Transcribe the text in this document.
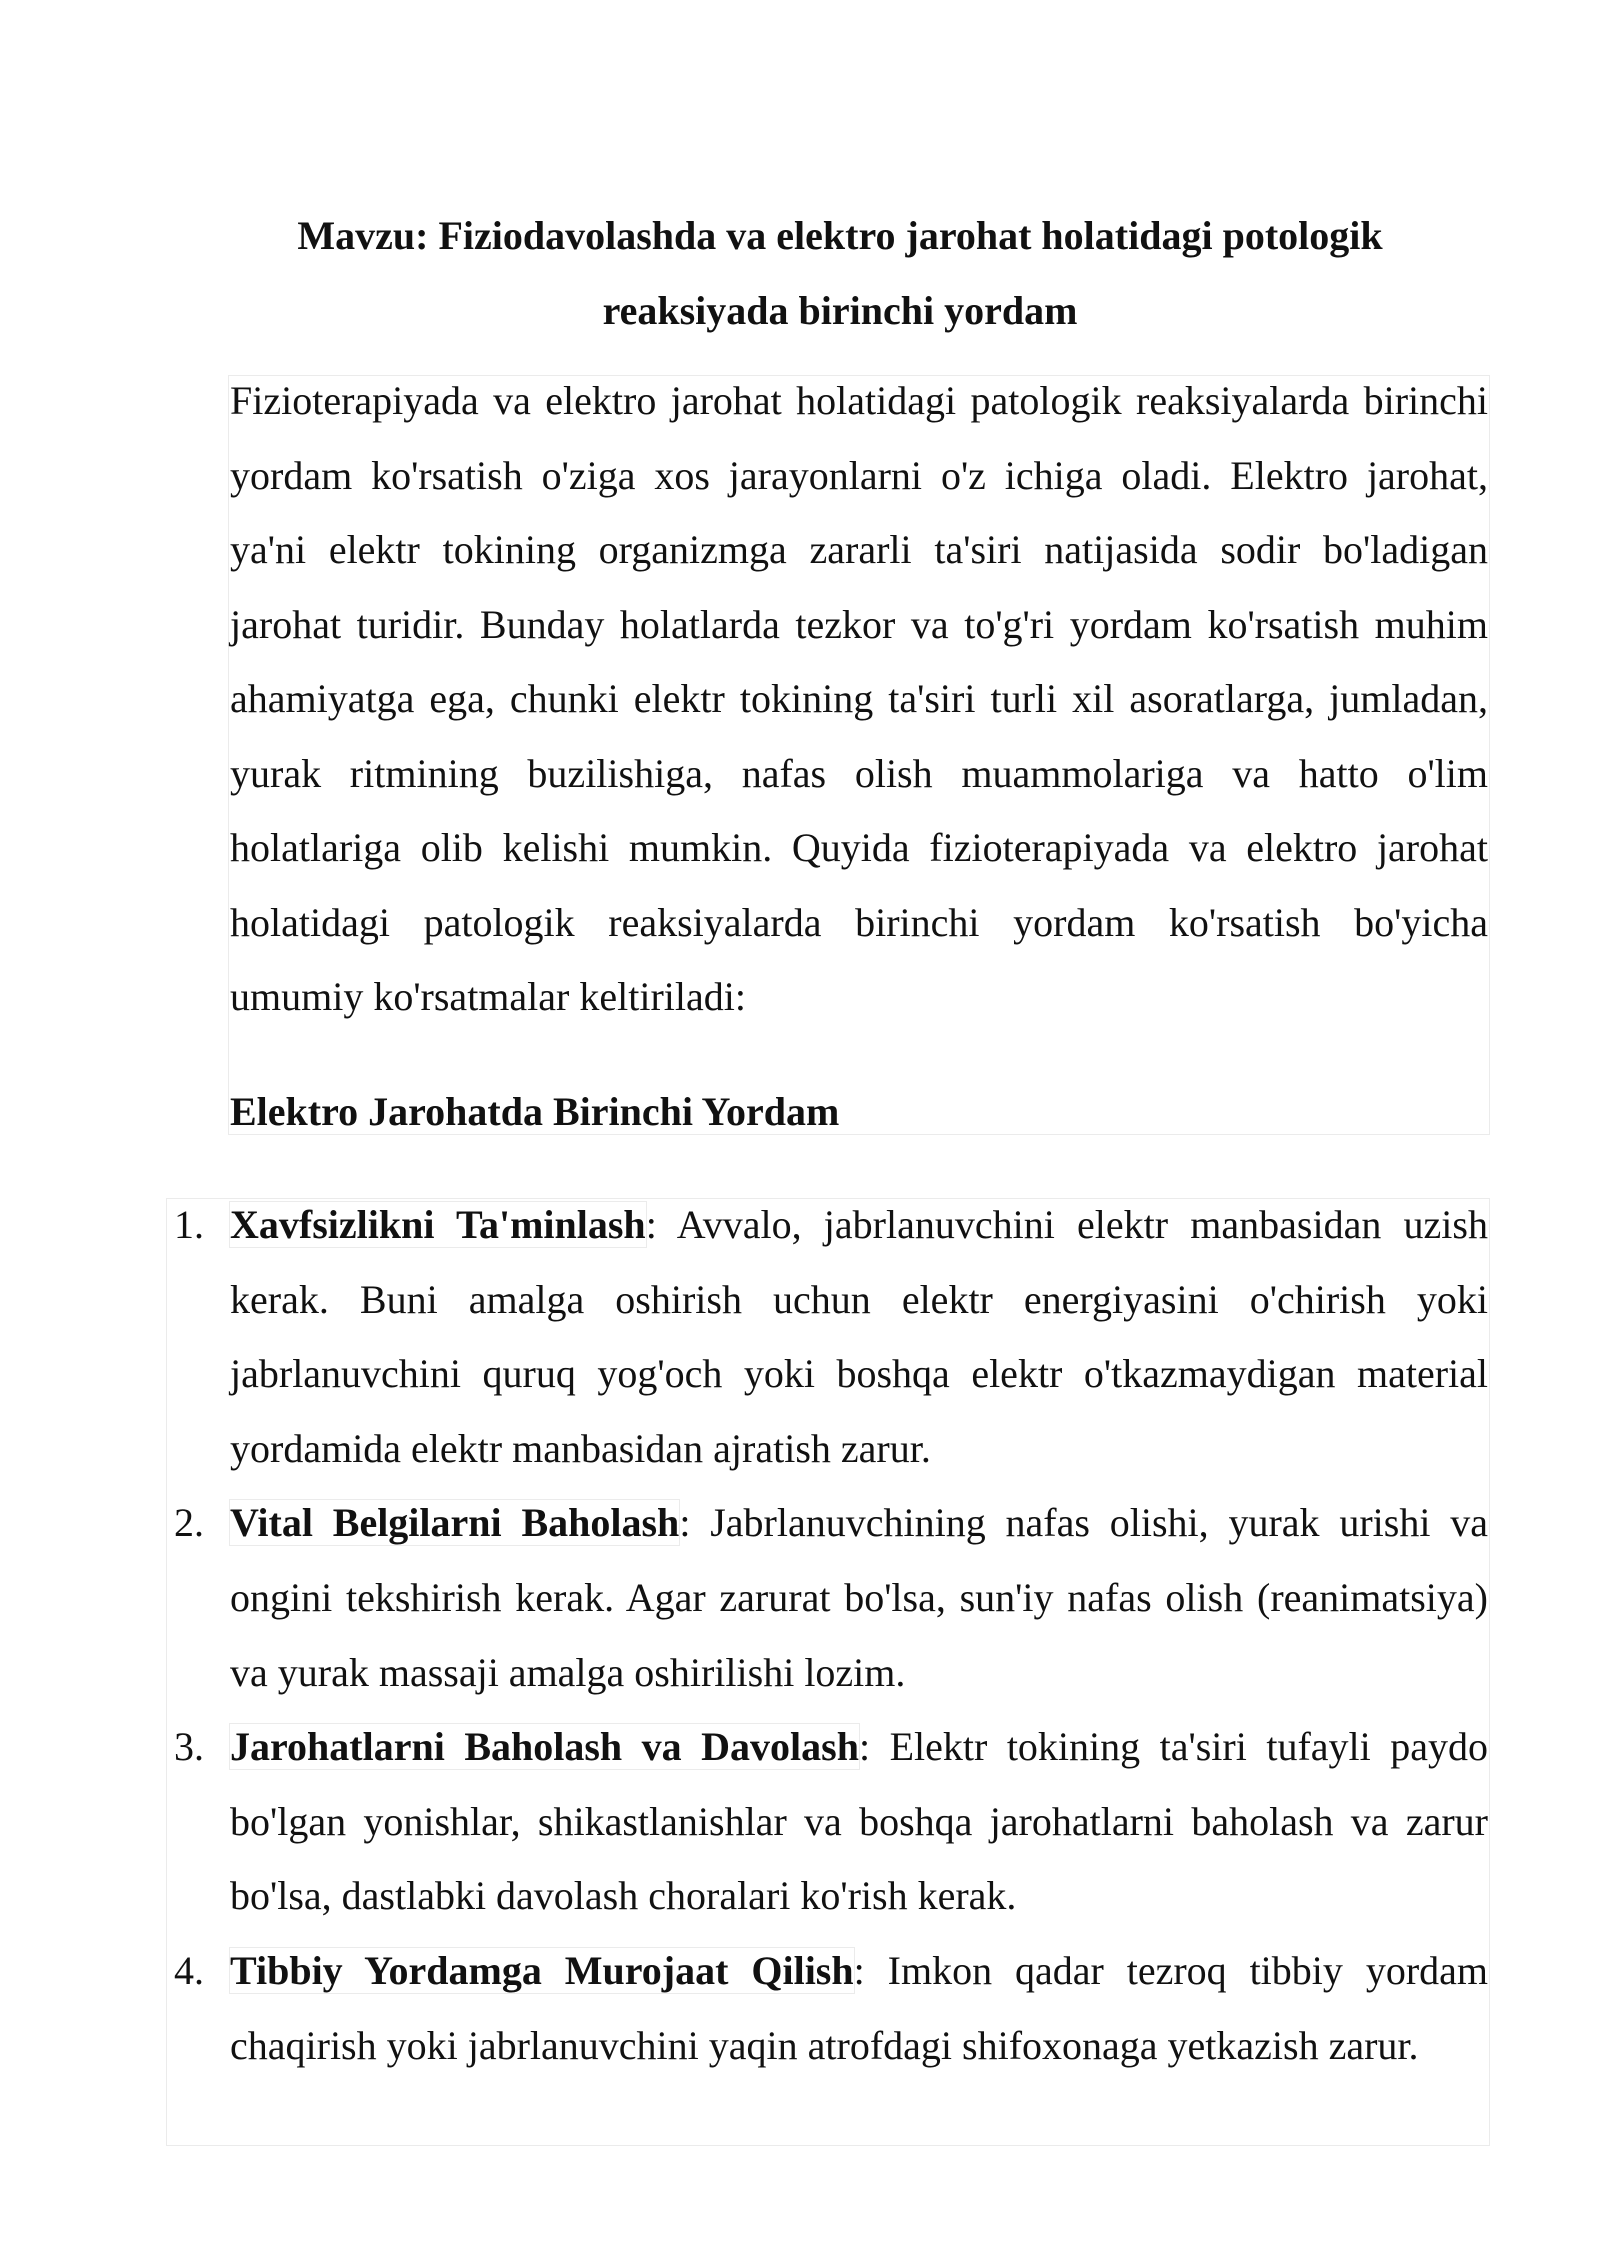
Mavzu: Fiziodavolashda va elektro jarohat holatidagi potologik reaksiyada birinchi yordam

Fizioterapiyada va elektro jarohat holatidagi patologik reaksiyalarda birinchi yordam ko'rsatish o'ziga xos jarayonlarni o'z ichiga oladi. Elektro jarohat, ya'ni elektr tokining organizmga zararli ta'siri natijasida sodir bo'ladigan jarohat turidir. Bunday holatlarda tezkor va to'g'ri yordam ko'rsatish muhim ahamiyatga ega, chunki elektr tokining ta'siri turli xil asoratlarga, jumladan, yurak ritmining buzilishiga, nafas olish muammolariga va hatto o'lim holatlariga olib kelishi mumkin. Quyida fizioterapiyada va elektro jarohat holatidagi patologik reaksiyalarda birinchi yordam ko'rsatish bo'yicha umumiy ko'rsatmalar keltiriladi:

Elektro Jarohatda Birinchi Yordam
1. Xavfsizlikni Ta'minlash: Avvalo, jabrlanuvchini elektr manbasidan uzish kerak. Buni amalga oshirish uchun elektr energiyasini o'chirish yoki jabrlanuvchini quruq yog'och yoki boshqa elektr o'tkazmaydigan material yordamida elektr manbasidan ajratish zarur.
2. Vital Belgilarni Baholash: Jabrlanuvchining nafas olishi, yurak urishi va ongini tekshirish kerak. Agar zarurat bo'lsa, sun'iy nafas olish (reanimatsiya) va yurak massaji amalga oshirilishi lozim.
3. Jarohatlarni Baholash va Davolash: Elektr tokining ta'siri tufayli paydo bo'lgan yonishlar, shikastlanishlar va boshqa jarohatlarni baholash va zarur bo'lsa, dastlabki davolash choralari ko'rish kerak.
4. Tibbiy Yordamga Murojaat Qilish: Imkon qadar tezroq tibbiy yordam chaqirish yoki jabrlanuvchini yaqin atrofdagi shifoxonaga yetkazish zarur.
